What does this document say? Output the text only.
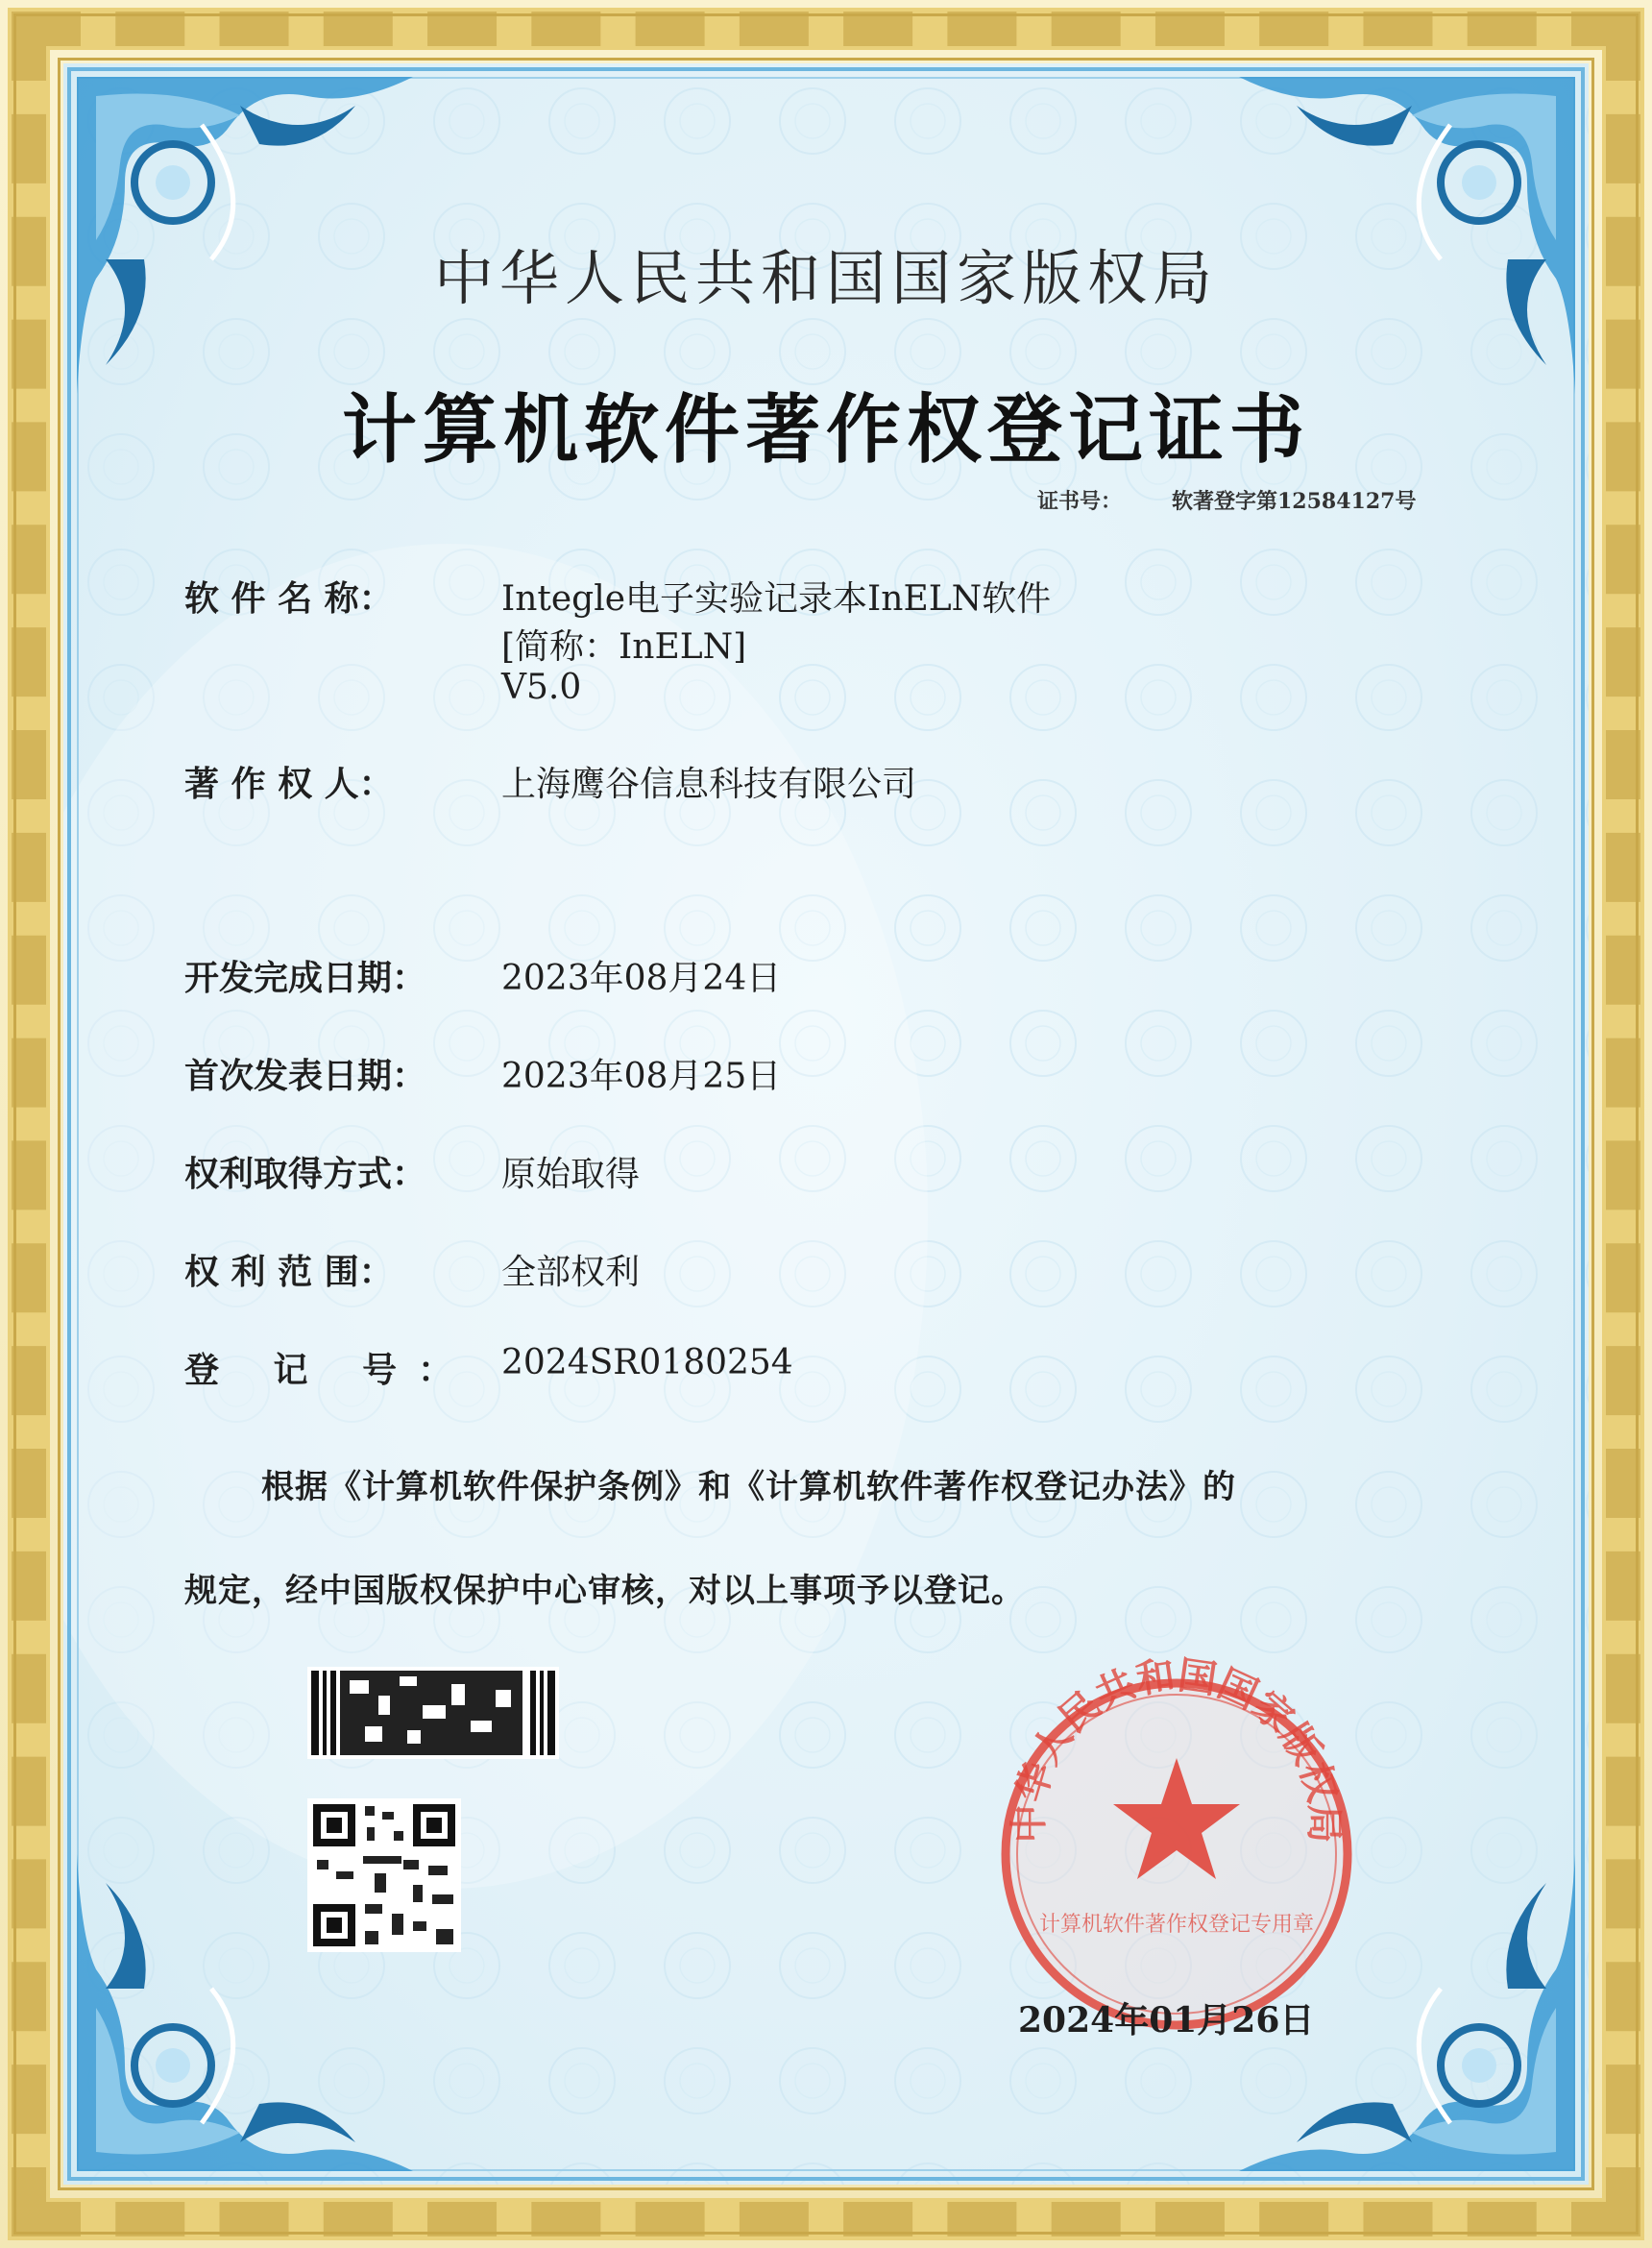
中华人民共和国国家版权局
计算机软件著作权登记证书
证书号： 软著登字第12584127号
软 件 名 称：	Integle电子实验记录本InELN软件
[简称：InELN]
V5.0
著 作 权 人：	上海鹰谷信息科技有限公司
开发完成日期： 2023年08月24日
首次发表日期： 2023年08月25日
权利取得方式： 原始取得
权 利 范 围：	全部权利
登 记 号： 2024SR0180254
根据《计算机软件保护条例》和《计算机软件著作权登记办法》的
规定，经中国版权保护中心审核，对以上事项予以登记。
中华人民共和国国家版权局
计算机软件著作权登记专用章
2024年01月26日
